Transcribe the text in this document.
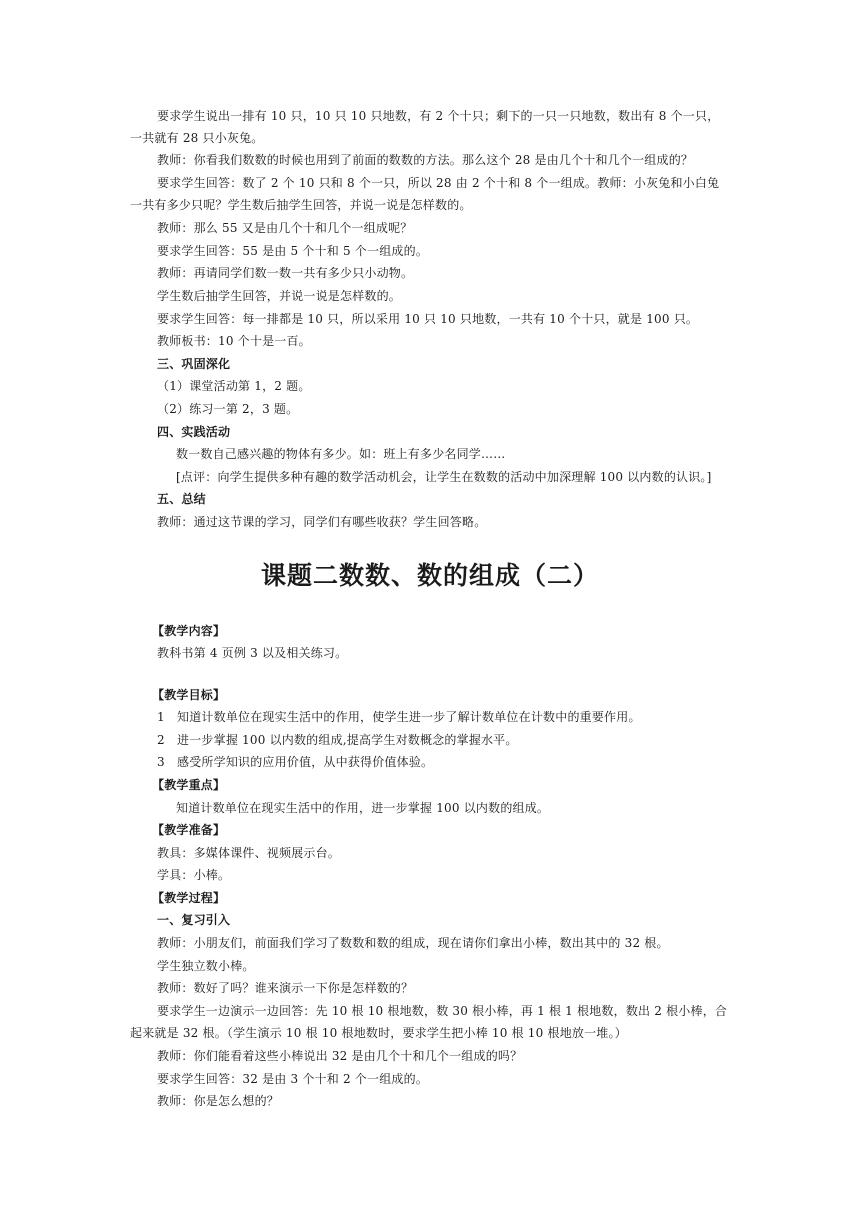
要求学生说出一排有 10 只，10 只 10 只地数，有 2 个十只；剩下的一只一只地数，数出有 8 个一只，
一共就有 28 只小灰兔。
教师：你看我们数数的时候也用到了前面的数数的方法。那么这个 28 是由几个十和几个一组成的？
要求学生回答：数了 2 个 10 只和 8 个一只，所以 28 由 2 个十和 8 个一组成。教师：小灰兔和小白兔
一共有多少只呢？学生数后抽学生回答，并说一说是怎样数的。
教师：那么 55 又是由几个十和几个一组成呢？
要求学生回答：55 是由 5 个十和 5 个一组成的。
教师：再请同学们数一数一共有多少只小动物。
学生数后抽学生回答，并说一说是怎样数的。
要求学生回答：每一排都是 10 只，所以采用 10 只 10 只地数，一共有 10 个十只，就是 100 只。
教师板书：10 个十是一百。
三、巩固深化
（1）课堂活动第 1，2 题。
（2）练习一第 2，3 题。
四、实践活动
数一数自己感兴趣的物体有多少。如：班上有多少名同学……
[点评：向学生提供多种有趣的数学活动机会，让学生在数数的活动中加深理解 100 以内数的认识。]
五、总结
教师：通过这节课的学习，同学们有哪些收获？学生回答略。
课题二数数、数的组成（二）
【教学内容】
教科书第 4 页例 3 以及相关练习。
【教学目标】
1　知道计数单位在现实生活中的作用，使学生进一步了解计数单位在计数中的重要作用。
2　进一步掌握 100 以内数的组成,提高学生对数概念的掌握水平。
3　感受所学知识的应用价值，从中获得价值体验。
【教学重点】
知道计数单位在现实生活中的作用，进一步掌握 100 以内数的组成。
【教学准备】
教具：多媒体课件、视频展示台。
学具：小棒。
【教学过程】
一、复习引入
教师：小朋友们，前面我们学习了数数和数的组成，现在请你们拿出小棒，数出其中的 32 根。
学生独立数小棒。
教师：数好了吗？谁来演示一下你是怎样数的？
要求学生一边演示一边回答：先 10 根 10 根地数，数 30 根小棒，再 1 根 1 根地数，数出 2 根小棒，合
起来就是 32 根。（学生演示 10 根 10 根地数时，要求学生把小棒 10 根 10 根地放一堆。）
教师：你们能看着这些小棒说出 32 是由几个十和几个一组成的吗？
要求学生回答：32 是由 3 个十和 2 个一组成的。
教师：你是怎么想的？
